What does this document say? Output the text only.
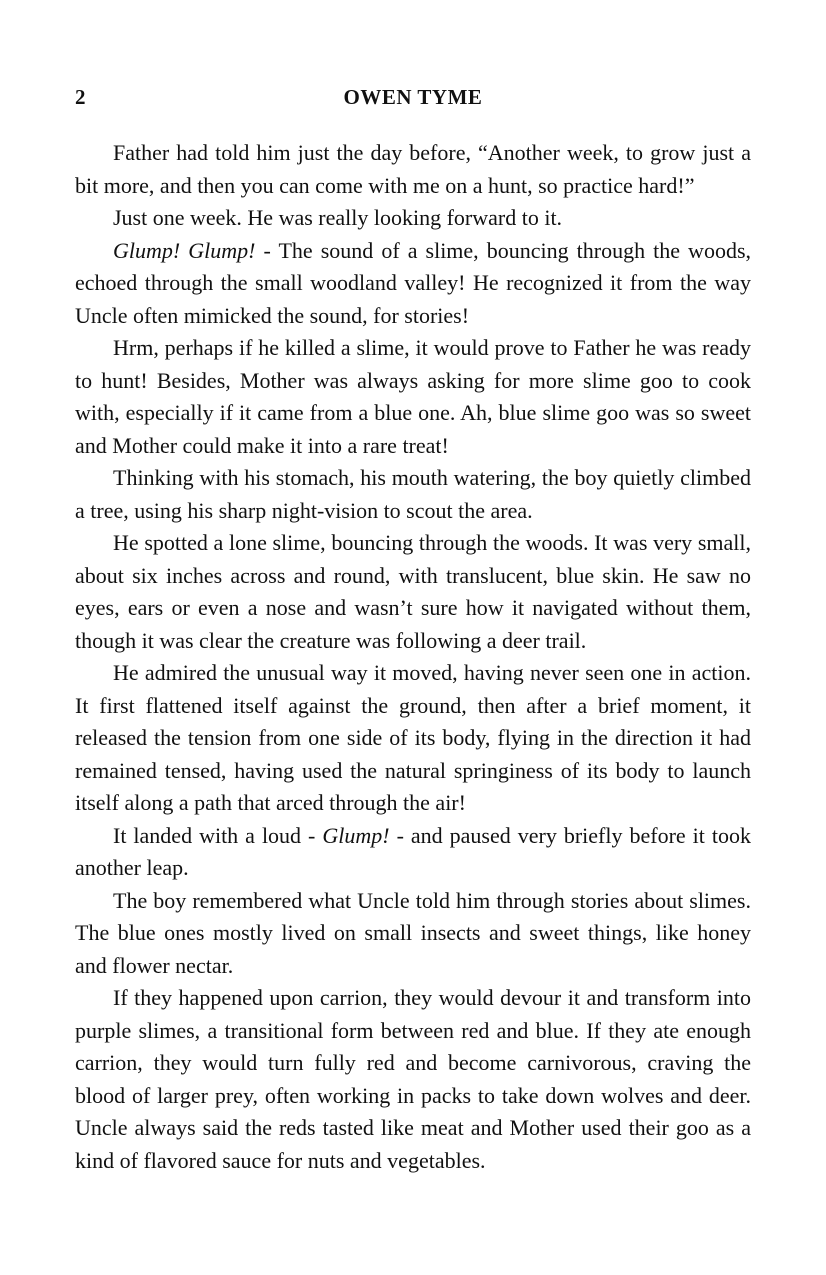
2	OWEN TYME

Father had told him just the day before, “Another week, to grow just a bit more, and then you can come with me on a hunt, so practice hard!”

Just one week. He was really looking forward to it.

Glump! Glump! - The sound of a slime, bouncing through the woods, echoed through the small woodland valley! He recognized it from the way Uncle often mimicked the sound, for stories!

Hrm, perhaps if he killed a slime, it would prove to Father he was ready to hunt! Besides, Mother was always asking for more slime goo to cook with, especially if it came from a blue one. Ah, blue slime goo was so sweet and Mother could make it into a rare treat!

Thinking with his stomach, his mouth watering, the boy quietly climbed a tree, using his sharp night-vision to scout the area.

He spotted a lone slime, bouncing through the woods. It was very small, about six inches across and round, with translucent, blue skin. He saw no eyes, ears or even a nose and wasn’t sure how it navigated without them, though it was clear the creature was following a deer trail.

He admired the unusual way it moved, having never seen one in action. It first flattened itself against the ground, then after a brief moment, it released the tension from one side of its body, flying in the direction it had remained tensed, having used the natural springiness of its body to launch itself along a path that arced through the air!

It landed with a loud - Glump! - and paused very briefly before it took another leap.

The boy remembered what Uncle told him through stories about slimes. The blue ones mostly lived on small insects and sweet things, like honey and flower nectar.

If they happened upon carrion, they would devour it and transform into purple slimes, a transitional form between red and blue. If they ate enough carrion, they would turn fully red and become carnivorous, craving the blood of larger prey, often working in packs to take down wolves and deer. Uncle always said the reds tasted like meat and Mother used their goo as a kind of flavored sauce for nuts and vegetables.
